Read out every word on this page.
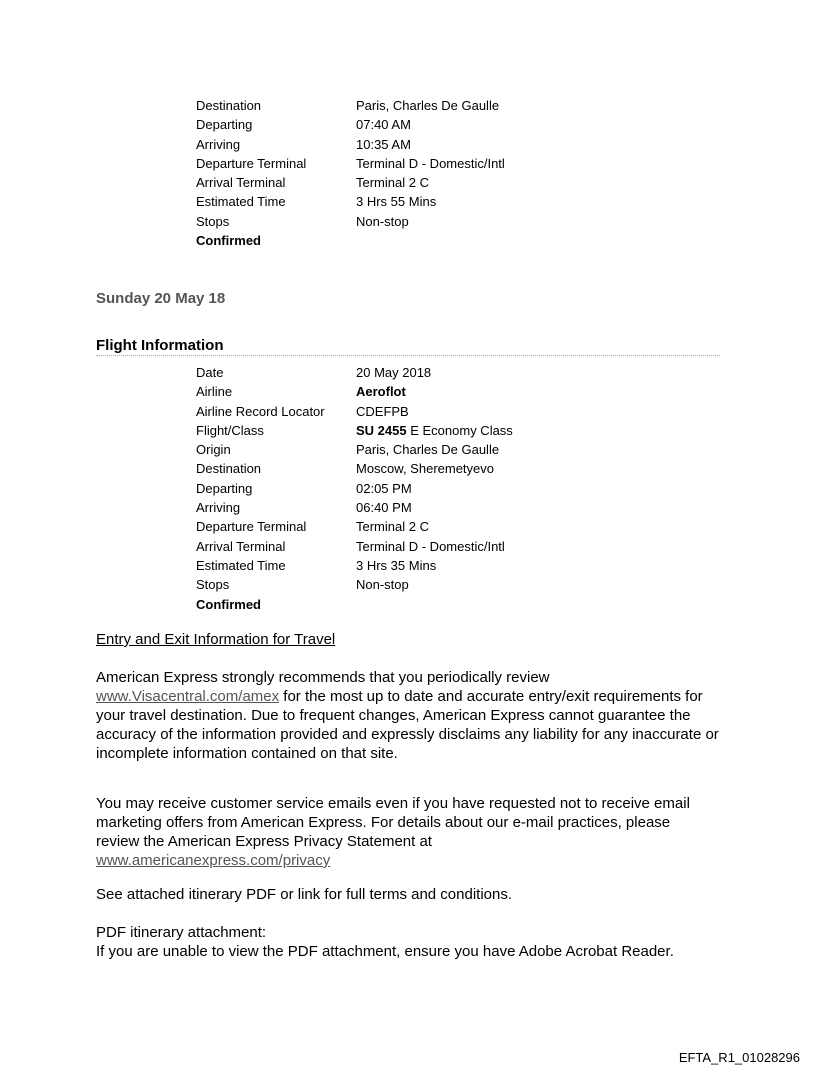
Destination	Paris, Charles De Gaulle
Departing	07:40 AM
Arriving	10:35 AM
Departure Terminal	Terminal D - Domestic/Intl
Arrival Terminal	Terminal 2 C
Estimated Time	3 Hrs 55 Mins
Stops	Non-stop
Confirmed
Sunday 20 May 18
Flight Information
Date	20 May 2018
Airline	Aeroflot
Airline Record Locator CDEFPB
Flight/Class	SU 2455 E Economy Class
Origin	Paris, Charles De Gaulle
Destination	Moscow, Sheremetyevo
Departing	02:05 PM
Arriving	06:40 PM
Departure Terminal	Terminal 2 C
Arrival Terminal	Terminal D - Domestic/Intl
Estimated Time	3 Hrs 35 Mins
Stops	Non-stop
Confirmed
Entry and Exit Information for Travel

American Express strongly recommends that you periodically review
www.Visacentral.com/amex for the most up to date and accurate entry/exit requirements for your travel destination. Due to frequent changes, American Express cannot guarantee the accuracy of the information provided and expressly disclaims any liability for any inaccurate or incomplete information contained on that site.

You may receive customer service emails even if you have requested not to receive email marketing offers from American Express. For details about our e-mail practices, please review the American Express Privacy Statement at
www.americanexpress.com/privacy

See attached itinerary PDF or link for full terms and conditions.

PDF itinerary attachment:
If you are unable to view the PDF attachment, ensure you have Adobe Acrobat Reader.

EFTA_R1_01028296
